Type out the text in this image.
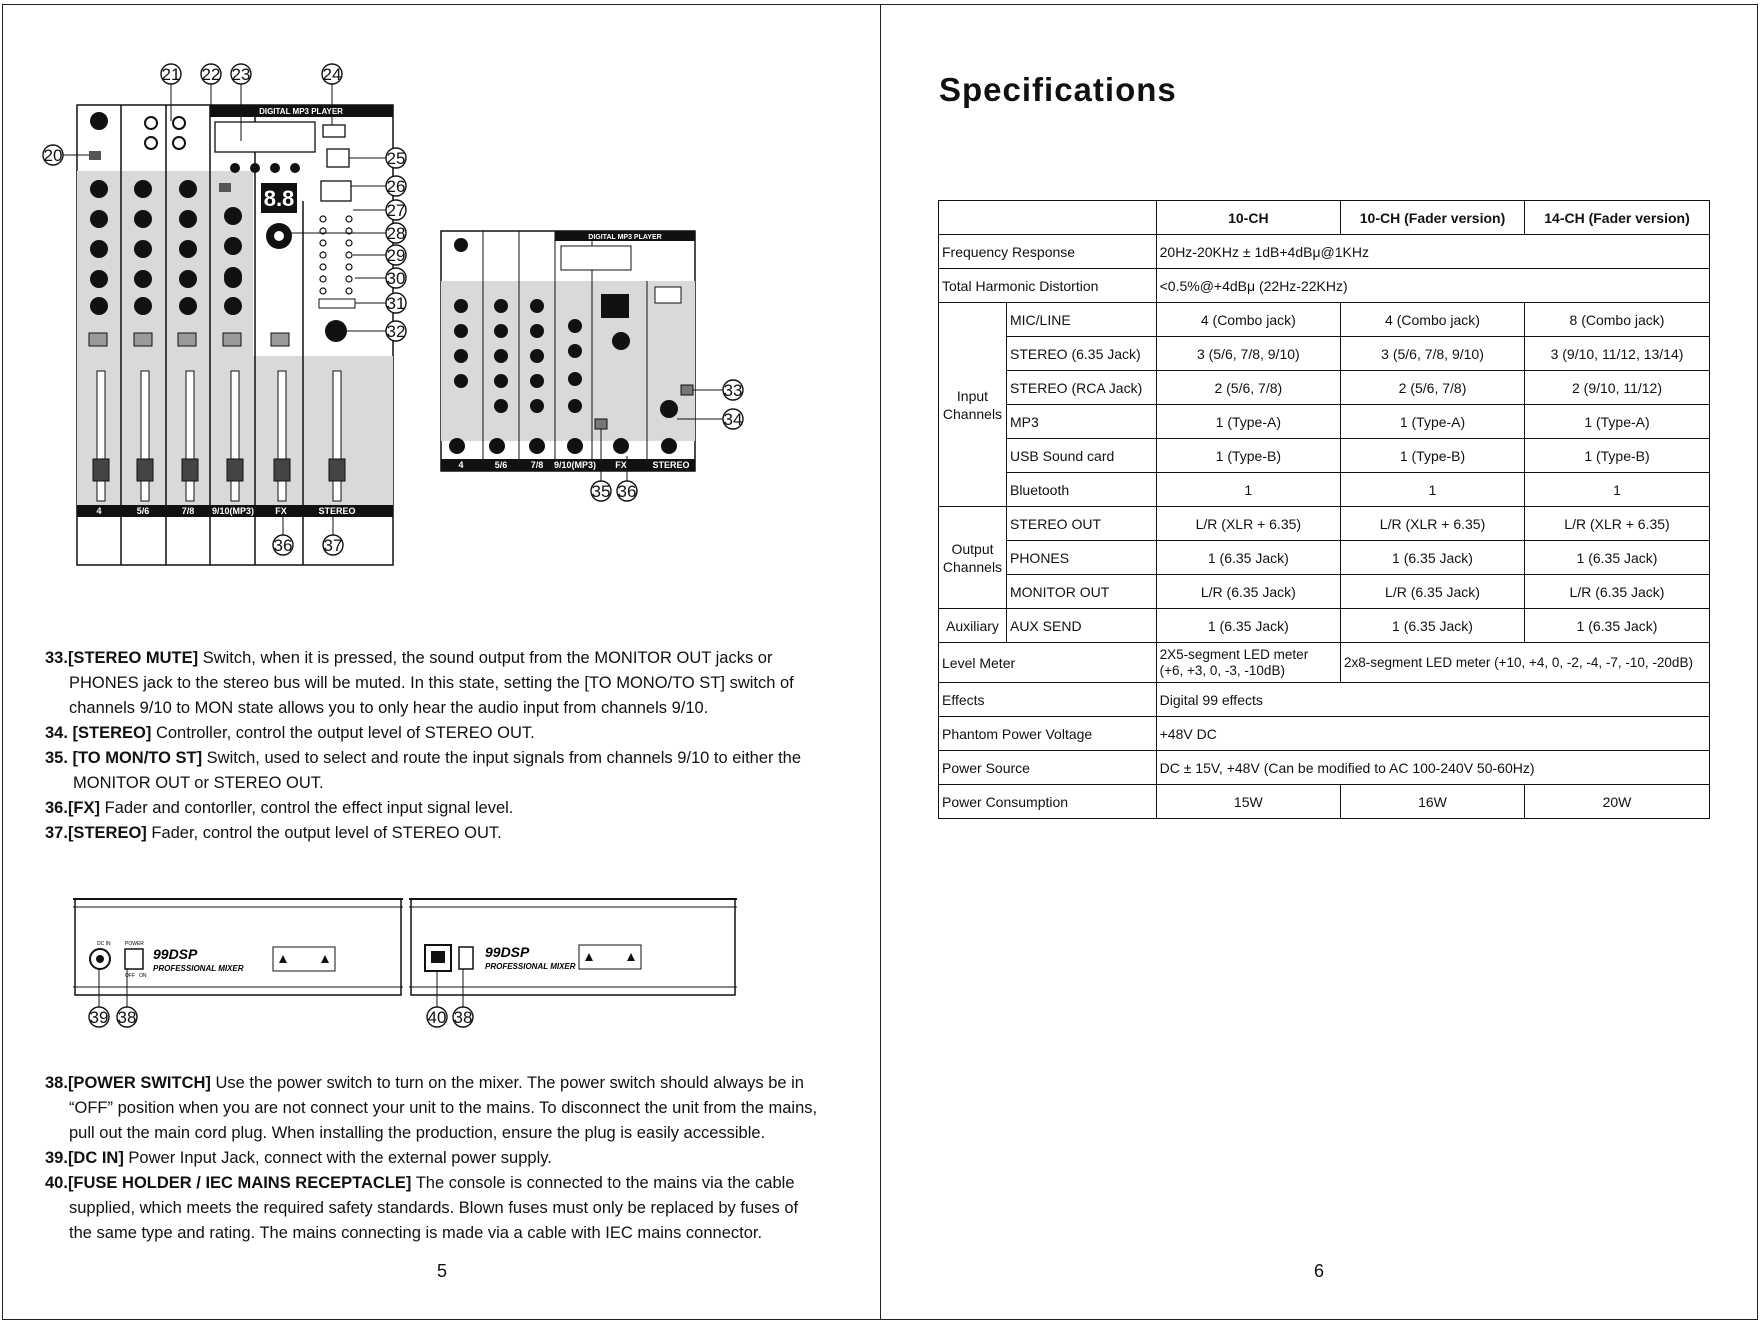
DIGITAL MP3 PLAYER
8.8
4	5/6	7/8 9/10(MP3) FX	STEREO
21 22 23	24
20	25
26
27
28
29
30
31
32
36 37
DIGITAL MP3 PLAYER
4	5/6	7/8 9/10(MP3) FX	STEREO
33
34
35 36

33.[STEREO MUTE] Switch, when it is pressed, the sound output from the MONITOR OUT jacks or

PHONES jack to the stereo bus will be muted. In this state, setting the [TO MONO/TO ST] switch of

channels 9/10 to MON state allows you to only hear the audio input from channels 9/10.

34. [STEREO] Controller, control the output level of STEREO OUT.

35. [TO MON/TO ST] Switch, used to select and route the input signals from channels 9/10 to either the

MONITOR OUT or STEREO OUT.

36.[FX] Fader and contorller, control the effect input signal level.

37.[STEREO] Fader, control the output level of STEREO OUT.

DC IN	POWER
OFF ON
99DSP
PROFESSIONAL MIXER
39 38
99DSP
PROFESSIONAL MIXER
40 38

38.[POWER SWITCH] Use the power switch to turn on the mixer. The power switch should always be in

“OFF” position when you are not connect your unit to the mains. To disconnect the unit from the mains,

pull out the main cord plug. When installing the production, ensure the plug is easily accessible.

39.[DC IN] Power Input Jack, connect with the external power supply.

40.[FUSE HOLDER / IEC MAINS RECEPTACLE] The console is connected to the mains via the cable

supplied, which meets the required safety standards. Blown fuses must only be replaced by fuses of

the same type and rating. The mains connecting is made via a cable with IEC mains connector.

5
Specifications
		10-CH	10-CH (Fader version)	14-CH (Fader version)
Frequency Response		20Hz-20KHz ± 1dB+4dBμ@1KHz		
Total Harmonic Distortion		<0.5%@+4dBμ (22Hz-22KHz)		
Input Channels	MIC/LINE	4 (Combo jack)	4 (Combo jack)	8 (Combo jack)
	STEREO (6.35 Jack)	3 (5/6, 7/8, 9/10)	3 (5/6, 7/8, 9/10)	3 (9/10, 11/12, 13/14)
	STEREO (RCA Jack)	2 (5/6, 7/8)	2 (5/6, 7/8)	2 (9/10, 11/12)
	MP3	1 (Type-A)	1 (Type-A)	1 (Type-A)
	USB Sound card	1 (Type-B)	1 (Type-B)	1 (Type-B)
	Bluetooth	1	1	1
Output Channels	STEREO OUT	L/R (XLR + 6.35)	L/R (XLR + 6.35)	L/R (XLR + 6.35)
	PHONES	1 (6.35 Jack)	1 (6.35 Jack)	1 (6.35 Jack)
	MONITOR OUT	L/R (6.35 Jack)	L/R (6.35 Jack)	L/R (6.35 Jack)
Auxiliary	AUX SEND	1 (6.35 Jack)	1 (6.35 Jack)	1 (6.35 Jack)
Level Meter		2X5-segment LED meter
(+6, +3, 0, -3, -10dB)	2x8-segment LED meter (+10, +4, 0, -2, -4, -7, -10, -20dB)	
Effects		Digital 99 effects		
Phantom Power Voltage		+48V DC		
Power Source		DC ± 15V, +48V (Can be modified to AC 100-240V 50-60Hz)		
Power Consumption		15W	16W	20W
6
